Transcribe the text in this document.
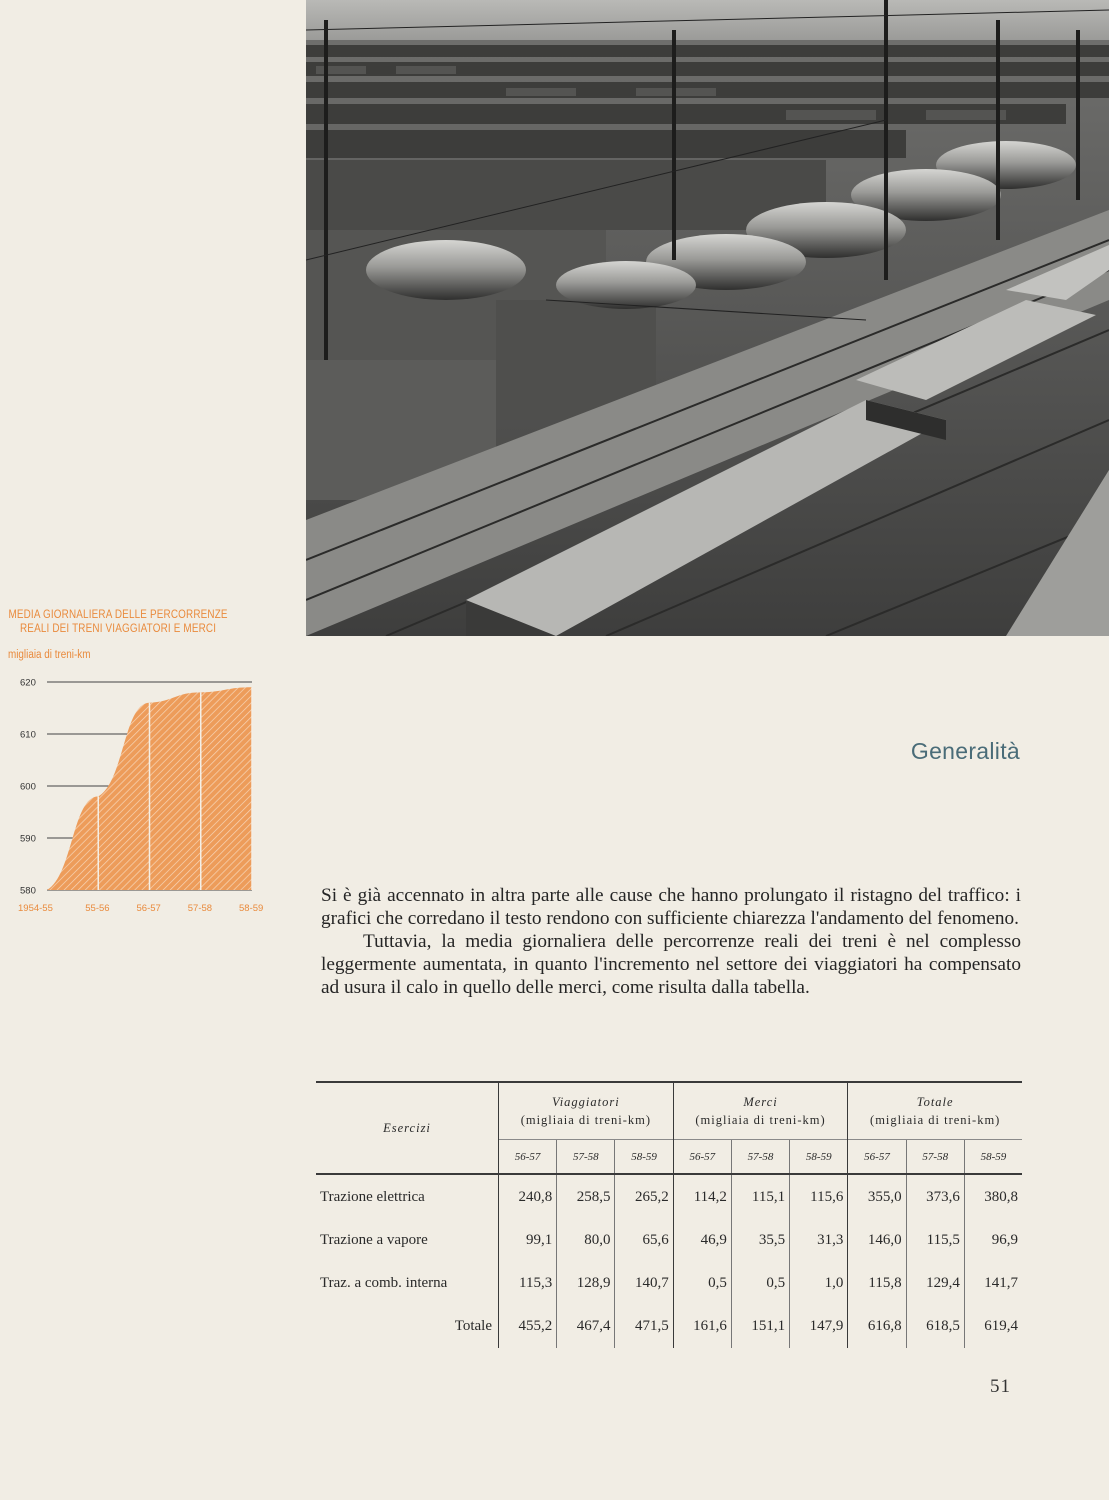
MEDIA GIORNALIERA DELLE PERCORRENZE
REALI DEI TRENI VIAGGIATORI E MERCI
migliaia di treni-km
580
590
600
610
620
1954-55	55-56	56-57	57-58	58-59
Generalità

Si è già accennato in altra parte alle cause che hanno prolungato il ristagno del traffico: i grafici che corredano il testo rendono con sufficiente chiarezza l'andamento del fenomeno.

Tuttavia, la media giornaliera delle percorrenze reali dei treni è nel complesso leggermente aumentata, in quanto l'incremento nel settore dei viaggiatori ha compensato ad usura il calo in quello delle merci, come risulta dalla tabella.

Esercizi	Viaggiatori
(migliaia di treni-km)			Merci
(migliaia di treni-km)			Totale
(migliaia di treni-km)		

	56-57	57-58	58-59	56-57	57-58	58-59	56-57	57-58	58-59
Trazione elettrica	240,8	258,5	265,2	114,2	115,1	115,6	355,0	373,6	380,8
Trazione a vapore	99,1	80,0	65,6	46,9	35,5	31,3	146,0	115,5	96,9
Traz. a comb. interna	115,3	128,9	140,7	0,5	0,5	1,0	115,8	129,4	141,7
Totale	455,2	467,4	471,5	161,6	151,1	147,9	616,8	618,5	619,4
51
